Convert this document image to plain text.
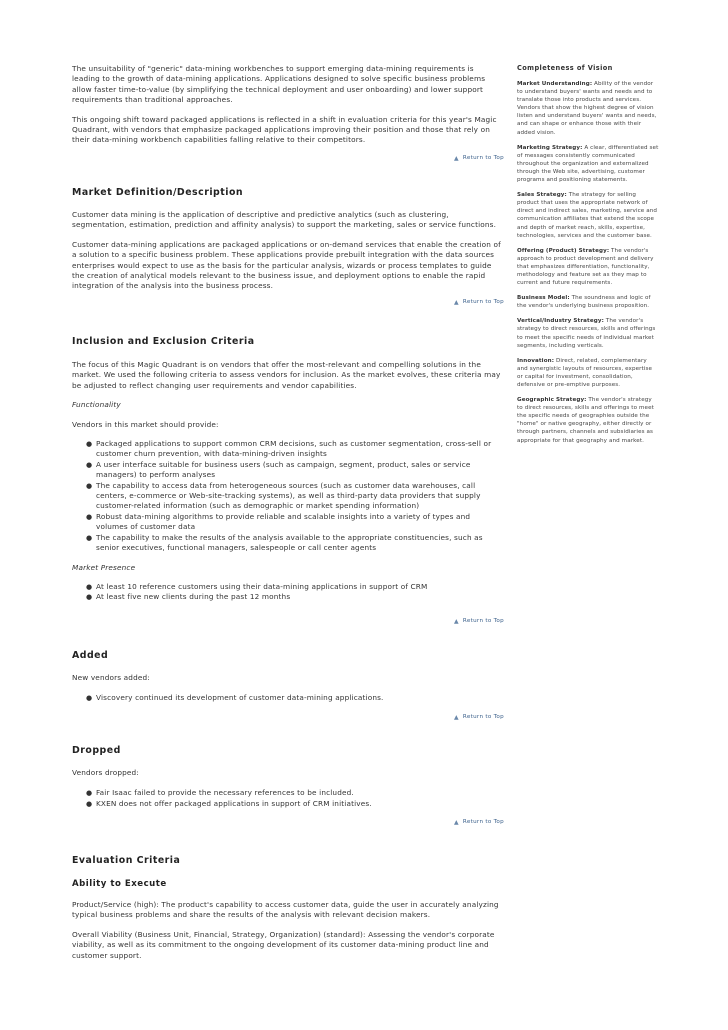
The unsuitability of "generic" data-mining workbenches to support emerging data-mining requirements is leading to the growth of data-mining applications. Applications designed to solve specific business problems allow faster time-to-value (by simplifying the technical deployment and user onboarding) and lower support requirements than traditional approaches.

This ongoing shift toward packaged applications is reflected in a shift in evaluation criteria for this year's Magic Quadrant, with vendors that emphasize packaged applications improving their position and those that rely on their data-mining workbench capabilities falling relative to their competitors.

▲ Return to Top
Market Definition/Description

Customer data mining is the application of descriptive and predictive analytics (such as clustering, segmentation, estimation, prediction and affinity analysis) to support the marketing, sales or service functions.

Customer data-mining applications are packaged applications or on-demand services that enable the creation of a solution to a specific business problem. These applications provide prebuilt integration with the data sources enterprises would expect to use as the basis for the particular analysis, wizards or process templates to guide the creation of analytical models relevant to the business issue, and deployment options to enable the rapid integration of the analysis into the business process.

▲ Return to Top
Inclusion and Exclusion Criteria

The focus of this Magic Quadrant is on vendors that offer the most-relevant and compelling solutions in the market. We used the following criteria to assess vendors for inclusion. As the market evolves, these criteria may be adjusted to reflect changing user requirements and vendor capabilities.

Functionality

Vendors in this market should provide:

● Packaged applications to support common CRM decisions, such as customer segmentation, cross-sell or customer churn prevention, with data-mining-driven insights
● A user interface suitable for business users (such as campaign, segment, product, sales or service managers) to perform analyses
● The capability to access data from heterogeneous sources (such as customer data warehouses, call centers, e-commerce or Web-site-tracking systems), as well as third-party data providers that supply customer-related information (such as demographic or market spending information)
● Robust data-mining algorithms to provide reliable and scalable insights into a variety of types and volumes of customer data
● The capability to make the results of the analysis available to the appropriate constituencies, such as senior executives, functional managers, salespeople or call center agents

Market Presence

● At least 10 reference customers using their data-mining applications in support of CRM
● At least five new clients during the past 12 months
▲ Return to Top
Added

New vendors added:

● Viscovery continued its development of customer data-mining applications.
▲ Return to Top
Dropped

Vendors dropped:

● Fair Isaac failed to provide the necessary references to be included.
● KXEN does not offer packaged applications in support of CRM initiatives.
▲ Return to Top
Evaluation Criteria
Ability to Execute

Product/Service (high): The product's capability to access customer data, guide the user in accurately analyzing typical business problems and share the results of the analysis with relevant decision makers.

Overall Viability (Business Unit, Financial, Strategy, Organization) (standard): Assessing the vendor's corporate viability, as well as its commitment to the ongoing development of its customer data-mining product line and customer support.

Completeness of Vision
Market Understanding: Ability of the vendor to understand buyers' wants and needs and to translate those into products and services. Vendors that show the highest degree of vision listen and understand buyers' wants and needs, and can shape or enhance those with their added vision.
Marketing Strategy: A clear, differentiated set of messages consistently communicated throughout the organization and externalized through the Web site, advertising, customer programs and positioning statements.
Sales Strategy: The strategy for selling product that uses the appropriate network of direct and indirect sales, marketing, service and communication affiliates that extend the scope and depth of market reach, skills, expertise, technologies, services and the customer base.
Offering (Product) Strategy: The vendor's approach to product development and delivery that emphasizes differentiation, functionality, methodology and feature set as they map to current and future requirements.
Business Model: The soundness and logic of the vendor's underlying business proposition.
Vertical/Industry Strategy: The vendor's strategy to direct resources, skills and offerings to meet the specific needs of individual market segments, including verticals.
Innovation: Direct, related, complementary and synergistic layouts of resources, expertise or capital for investment, consolidation, defensive or pre-emptive purposes.
Geographic Strategy: The vendor's strategy to direct resources, skills and offerings to meet the specific needs of geographies outside the "home" or native geography, either directly or through partners, channels and subsidiaries as appropriate for that geography and market.
